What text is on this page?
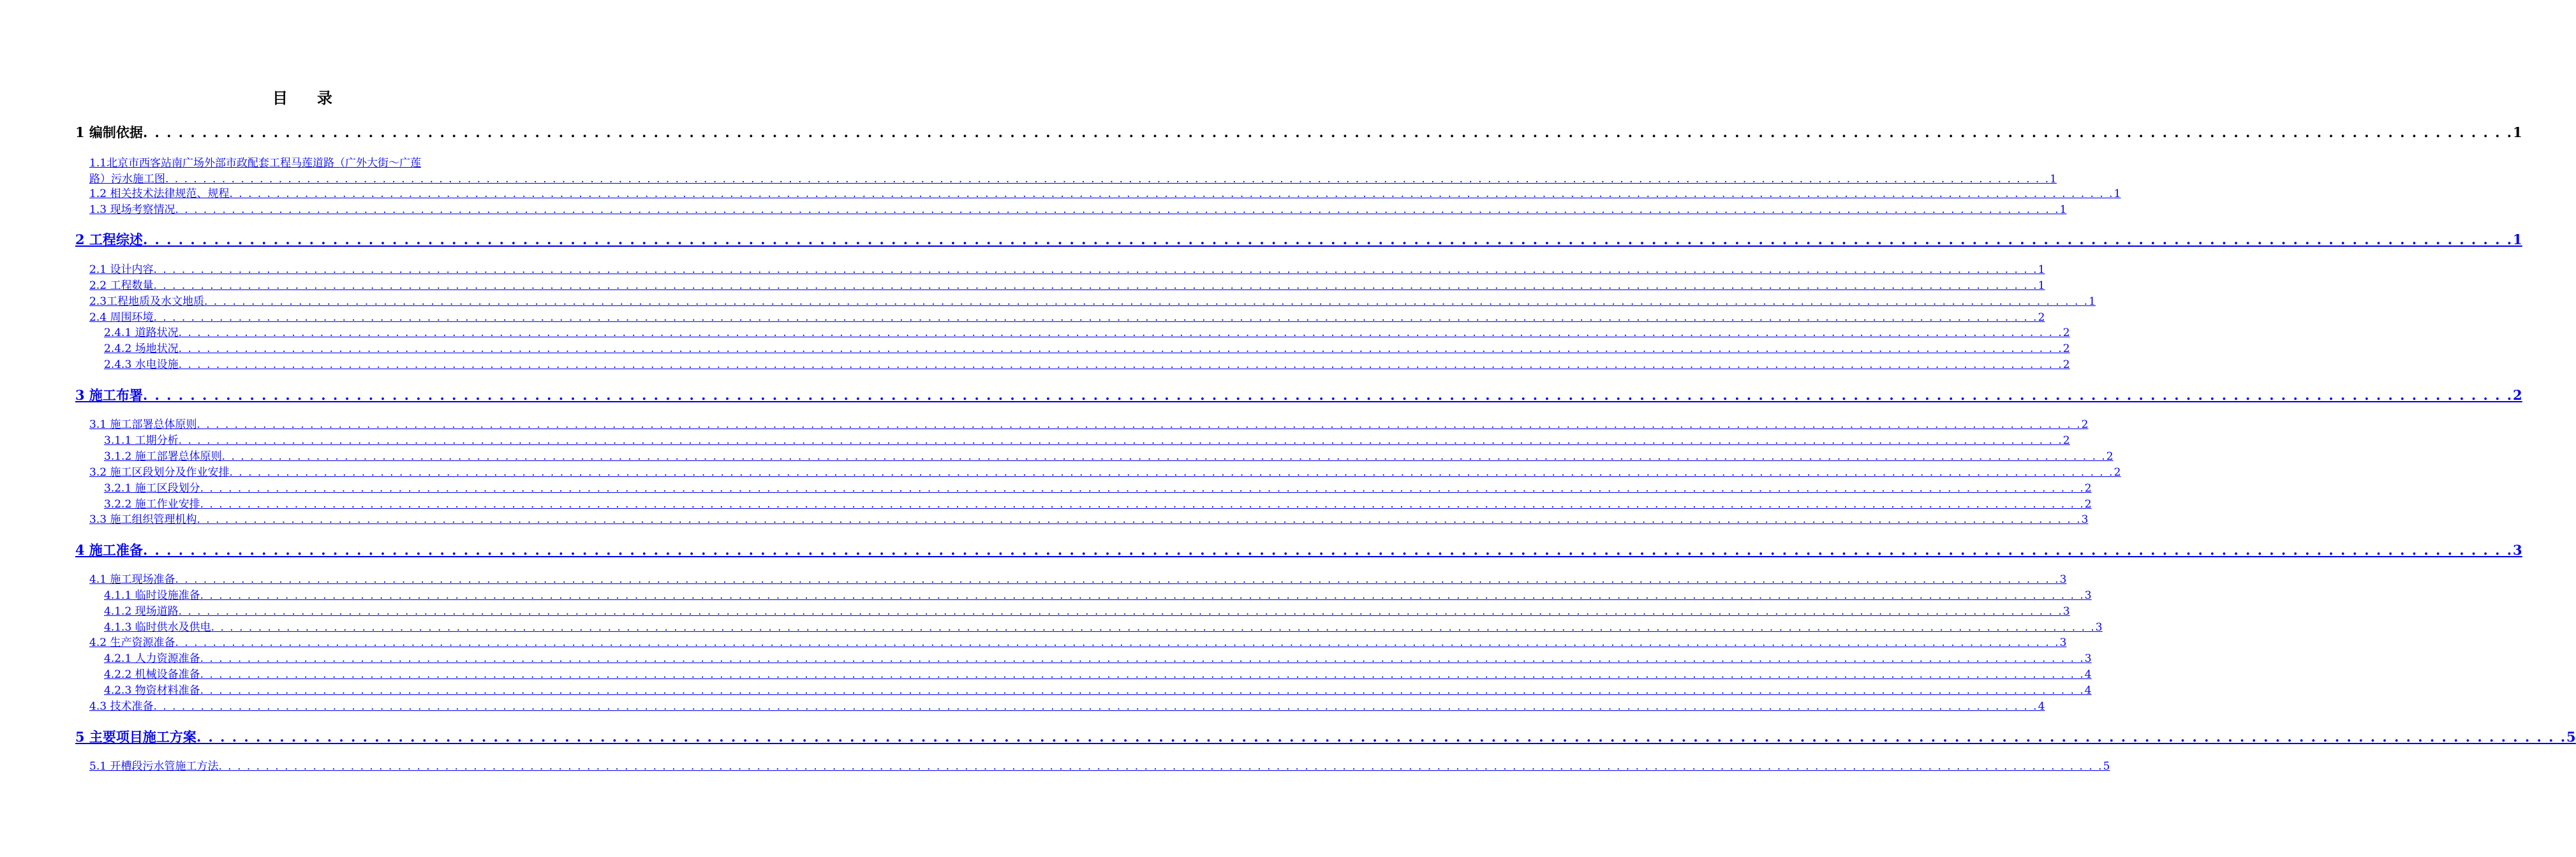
目 录
1 编制依据 . . . . . . . . . . . . . . . . . . . . . . . . . . . . . . . . . . . . . . . . . . . . . . . . . . . . . . . . . . . . . . . . . . . . . . . . . . . . . . . . . . . . . . . . . . . . . . . . . . . . . . . . . . . . . . . . . . . . . . . . . . . . . . . . . . . . . . . . . . . . . . . . . . . . . . . . . . . . . . . . . . . . . . . . . . . . . . . . . . . . . . . . . . . . . . . . . . . . . . . . 1
1.1北京市西客站南广场外部市政配套工程马莲道路（广外大街～广莲
路）污水施工图 . . . . . . . . . . . . . . . . . . . . . . . . . . . . . . . . . . . . . . . . . . . . . . . . . . . . . . . . . . . . . . . . . . . . . . . . . . . . . . . . . . . . . . . . . . . . . . . . . . . . . . . . . . . . . . . . . . . . . . . . . . . . . . . . . . . . . . . . . . . . . . . . . . . . . . . . . . . . . . . . . . . . . . . . . . . . . . . . . . . . . . . . . . . . . . . . . . . . . . . . 1
1.2 相关技术法律规范、规程 . . . . . . . . . . . . . . . . . . . . . . . . . . . . . . . . . . . . . . . . . . . . . . . . . . . . . . . . . . . . . . . . . . . . . . . . . . . . . . . . . . . . . . . . . . . . . . . . . . . . . . . . . . . . . . . . . . . . . . . . . . . . . . . . . . . . . . . . . . . . . . . . . . . . . . . . . . . . . . . . . . . . . . . . . . . . . . . . . . . . . . . . . . . . . . . . . . . . . . . . 1
1.3 现场考察情况 . . . . . . . . . . . . . . . . . . . . . . . . . . . . . . . . . . . . . . . . . . . . . . . . . . . . . . . . . . . . . . . . . . . . . . . . . . . . . . . . . . . . . . . . . . . . . . . . . . . . . . . . . . . . . . . . . . . . . . . . . . . . . . . . . . . . . . . . . . . . . . . . . . . . . . . . . . . . . . . . . . . . . . . . . . . . . . . . . . . . . . . . . . . . . . . . . . . . . . . . 1
2 工程综述 . . . . . . . . . . . . . . . . . . . . . . . . . . . . . . . . . . . . . . . . . . . . . . . . . . . . . . . . . . . . . . . . . . . . . . . . . . . . . . . . . . . . . . . . . . . . . . . . . . . . . . . . . . . . . . . . . . . . . . . . . . . . . . . . . . . . . . . . . . . . . . . . . . . . . . . . . . . . . . . . . . . . . . . . . . . . . . . . . . . . . . . . . . . . . . . . . . . . . . . . 1
2.1 设计内容 . . . . . . . . . . . . . . . . . . . . . . . . . . . . . . . . . . . . . . . . . . . . . . . . . . . . . . . . . . . . . . . . . . . . . . . . . . . . . . . . . . . . . . . . . . . . . . . . . . . . . . . . . . . . . . . . . . . . . . . . . . . . . . . . . . . . . . . . . . . . . . . . . . . . . . . . . . . . . . . . . . . . . . . . . . . . . . . . . . . . . . . . . . . . . . . . . . . . . . . . 1
2.2 工程数量 . . . . . . . . . . . . . . . . . . . . . . . . . . . . . . . . . . . . . . . . . . . . . . . . . . . . . . . . . . . . . . . . . . . . . . . . . . . . . . . . . . . . . . . . . . . . . . . . . . . . . . . . . . . . . . . . . . . . . . . . . . . . . . . . . . . . . . . . . . . . . . . . . . . . . . . . . . . . . . . . . . . . . . . . . . . . . . . . . . . . . . . . . . . . . . . . . . . . . . . . 1
2.3工程地质及水文地质 . . . . . . . . . . . . . . . . . . . . . . . . . . . . . . . . . . . . . . . . . . . . . . . . . . . . . . . . . . . . . . . . . . . . . . . . . . . . . . . . . . . . . . . . . . . . . . . . . . . . . . . . . . . . . . . . . . . . . . . . . . . . . . . . . . . . . . . . . . . . . . . . . . . . . . . . . . . . . . . . . . . . . . . . . . . . . . . . . . . . . . . . . . . . . . . . . . . . . . . . 1
2.4 周围环境 . . . . . . . . . . . . . . . . . . . . . . . . . . . . . . . . . . . . . . . . . . . . . . . . . . . . . . . . . . . . . . . . . . . . . . . . . . . . . . . . . . . . . . . . . . . . . . . . . . . . . . . . . . . . . . . . . . . . . . . . . . . . . . . . . . . . . . . . . . . . . . . . . . . . . . . . . . . . . . . . . . . . . . . . . . . . . . . . . . . . . . . . . . . . . . . . . . . . . . . . 2
2.4.1 道路状况 . . . . . . . . . . . . . . . . . . . . . . . . . . . . . . . . . . . . . . . . . . . . . . . . . . . . . . . . . . . . . . . . . . . . . . . . . . . . . . . . . . . . . . . . . . . . . . . . . . . . . . . . . . . . . . . . . . . . . . . . . . . . . . . . . . . . . . . . . . . . . . . . . . . . . . . . . . . . . . . . . . . . . . . . . . . . . . . . . . . . . . . . . . . . . . . . . . . . . . . . 2
2.4.2 场地状况 . . . . . . . . . . . . . . . . . . . . . . . . . . . . . . . . . . . . . . . . . . . . . . . . . . . . . . . . . . . . . . . . . . . . . . . . . . . . . . . . . . . . . . . . . . . . . . . . . . . . . . . . . . . . . . . . . . . . . . . . . . . . . . . . . . . . . . . . . . . . . . . . . . . . . . . . . . . . . . . . . . . . . . . . . . . . . . . . . . . . . . . . . . . . . . . . . . . . . . . . 2
2.4.3 水电设施 . . . . . . . . . . . . . . . . . . . . . . . . . . . . . . . . . . . . . . . . . . . . . . . . . . . . . . . . . . . . . . . . . . . . . . . . . . . . . . . . . . . . . . . . . . . . . . . . . . . . . . . . . . . . . . . . . . . . . . . . . . . . . . . . . . . . . . . . . . . . . . . . . . . . . . . . . . . . . . . . . . . . . . . . . . . . . . . . . . . . . . . . . . . . . . . . . . . . . . . . 2
3 施工布署 . . . . . . . . . . . . . . . . . . . . . . . . . . . . . . . . . . . . . . . . . . . . . . . . . . . . . . . . . . . . . . . . . . . . . . . . . . . . . . . . . . . . . . . . . . . . . . . . . . . . . . . . . . . . . . . . . . . . . . . . . . . . . . . . . . . . . . . . . . . . . . . . . . . . . . . . . . . . . . . . . . . . . . . . . . . . . . . . . . . . . . . . . . . . . . . . . . . . . . . . 2
3.1 施工部署总体原则 . . . . . . . . . . . . . . . . . . . . . . . . . . . . . . . . . . . . . . . . . . . . . . . . . . . . . . . . . . . . . . . . . . . . . . . . . . . . . . . . . . . . . . . . . . . . . . . . . . . . . . . . . . . . . . . . . . . . . . . . . . . . . . . . . . . . . . . . . . . . . . . . . . . . . . . . . . . . . . . . . . . . . . . . . . . . . . . . . . . . . . . . . . . . . . . . . . . . . . . . 2
3.1.1 工期分析 . . . . . . . . . . . . . . . . . . . . . . . . . . . . . . . . . . . . . . . . . . . . . . . . . . . . . . . . . . . . . . . . . . . . . . . . . . . . . . . . . . . . . . . . . . . . . . . . . . . . . . . . . . . . . . . . . . . . . . . . . . . . . . . . . . . . . . . . . . . . . . . . . . . . . . . . . . . . . . . . . . . . . . . . . . . . . . . . . . . . . . . . . . . . . . . . . . . . . . . . 2
3.1.2 施工部署总体原则 . . . . . . . . . . . . . . . . . . . . . . . . . . . . . . . . . . . . . . . . . . . . . . . . . . . . . . . . . . . . . . . . . . . . . . . . . . . . . . . . . . . . . . . . . . . . . . . . . . . . . . . . . . . . . . . . . . . . . . . . . . . . . . . . . . . . . . . . . . . . . . . . . . . . . . . . . . . . . . . . . . . . . . . . . . . . . . . . . . . . . . . . . . . . . . . . . . . . . . . . 2
3.2 施工区段划分及作业安排 . . . . . . . . . . . . . . . . . . . . . . . . . . . . . . . . . . . . . . . . . . . . . . . . . . . . . . . . . . . . . . . . . . . . . . . . . . . . . . . . . . . . . . . . . . . . . . . . . . . . . . . . . . . . . . . . . . . . . . . . . . . . . . . . . . . . . . . . . . . . . . . . . . . . . . . . . . . . . . . . . . . . . . . . . . . . . . . . . . . . . . . . . . . . . . . . . . . . . . . . 2
3.2.1 施工区段划分 . . . . . . . . . . . . . . . . . . . . . . . . . . . . . . . . . . . . . . . . . . . . . . . . . . . . . . . . . . . . . . . . . . . . . . . . . . . . . . . . . . . . . . . . . . . . . . . . . . . . . . . . . . . . . . . . . . . . . . . . . . . . . . . . . . . . . . . . . . . . . . . . . . . . . . . . . . . . . . . . . . . . . . . . . . . . . . . . . . . . . . . . . . . . . . . . . . . . . . . . 2
3.2.2 施工作业安排 . . . . . . . . . . . . . . . . . . . . . . . . . . . . . . . . . . . . . . . . . . . . . . . . . . . . . . . . . . . . . . . . . . . . . . . . . . . . . . . . . . . . . . . . . . . . . . . . . . . . . . . . . . . . . . . . . . . . . . . . . . . . . . . . . . . . . . . . . . . . . . . . . . . . . . . . . . . . . . . . . . . . . . . . . . . . . . . . . . . . . . . . . . . . . . . . . . . . . . . . 2
3.3 施工组织管理机构 . . . . . . . . . . . . . . . . . . . . . . . . . . . . . . . . . . . . . . . . . . . . . . . . . . . . . . . . . . . . . . . . . . . . . . . . . . . . . . . . . . . . . . . . . . . . . . . . . . . . . . . . . . . . . . . . . . . . . . . . . . . . . . . . . . . . . . . . . . . . . . . . . . . . . . . . . . . . . . . . . . . . . . . . . . . . . . . . . . . . . . . . . . . . . . . . . . . . . . . . 3
4 施工准备 . . . . . . . . . . . . . . . . . . . . . . . . . . . . . . . . . . . . . . . . . . . . . . . . . . . . . . . . . . . . . . . . . . . . . . . . . . . . . . . . . . . . . . . . . . . . . . . . . . . . . . . . . . . . . . . . . . . . . . . . . . . . . . . . . . . . . . . . . . . . . . . . . . . . . . . . . . . . . . . . . . . . . . . . . . . . . . . . . . . . . . . . . . . . . . . . . . . . . . . . 3
4.1 施工现场准备 . . . . . . . . . . . . . . . . . . . . . . . . . . . . . . . . . . . . . . . . . . . . . . . . . . . . . . . . . . . . . . . . . . . . . . . . . . . . . . . . . . . . . . . . . . . . . . . . . . . . . . . . . . . . . . . . . . . . . . . . . . . . . . . . . . . . . . . . . . . . . . . . . . . . . . . . . . . . . . . . . . . . . . . . . . . . . . . . . . . . . . . . . . . . . . . . . . . . . . . . 3
4.1.1 临时设施准备 . . . . . . . . . . . . . . . . . . . . . . . . . . . . . . . . . . . . . . . . . . . . . . . . . . . . . . . . . . . . . . . . . . . . . . . . . . . . . . . . . . . . . . . . . . . . . . . . . . . . . . . . . . . . . . . . . . . . . . . . . . . . . . . . . . . . . . . . . . . . . . . . . . . . . . . . . . . . . . . . . . . . . . . . . . . . . . . . . . . . . . . . . . . . . . . . . . . . . . . . 3
4.1.2 现场道路 . . . . . . . . . . . . . . . . . . . . . . . . . . . . . . . . . . . . . . . . . . . . . . . . . . . . . . . . . . . . . . . . . . . . . . . . . . . . . . . . . . . . . . . . . . . . . . . . . . . . . . . . . . . . . . . . . . . . . . . . . . . . . . . . . . . . . . . . . . . . . . . . . . . . . . . . . . . . . . . . . . . . . . . . . . . . . . . . . . . . . . . . . . . . . . . . . . . . . . . . 3
4.1.3 临时供水及供电 . . . . . . . . . . . . . . . . . . . . . . . . . . . . . . . . . . . . . . . . . . . . . . . . . . . . . . . . . . . . . . . . . . . . . . . . . . . . . . . . . . . . . . . . . . . . . . . . . . . . . . . . . . . . . . . . . . . . . . . . . . . . . . . . . . . . . . . . . . . . . . . . . . . . . . . . . . . . . . . . . . . . . . . . . . . . . . . . . . . . . . . . . . . . . . . . . . . . . . . . 3
4.2 生产资源准备 . . . . . . . . . . . . . . . . . . . . . . . . . . . . . . . . . . . . . . . . . . . . . . . . . . . . . . . . . . . . . . . . . . . . . . . . . . . . . . . . . . . . . . . . . . . . . . . . . . . . . . . . . . . . . . . . . . . . . . . . . . . . . . . . . . . . . . . . . . . . . . . . . . . . . . . . . . . . . . . . . . . . . . . . . . . . . . . . . . . . . . . . . . . . . . . . . . . . . . . . 3
4.2.1 人力资源准备 . . . . . . . . . . . . . . . . . . . . . . . . . . . . . . . . . . . . . . . . . . . . . . . . . . . . . . . . . . . . . . . . . . . . . . . . . . . . . . . . . . . . . . . . . . . . . . . . . . . . . . . . . . . . . . . . . . . . . . . . . . . . . . . . . . . . . . . . . . . . . . . . . . . . . . . . . . . . . . . . . . . . . . . . . . . . . . . . . . . . . . . . . . . . . . . . . . . . . . . . 3
4.2.2 机械设备准备 . . . . . . . . . . . . . . . . . . . . . . . . . . . . . . . . . . . . . . . . . . . . . . . . . . . . . . . . . . . . . . . . . . . . . . . . . . . . . . . . . . . . . . . . . . . . . . . . . . . . . . . . . . . . . . . . . . . . . . . . . . . . . . . . . . . . . . . . . . . . . . . . . . . . . . . . . . . . . . . . . . . . . . . . . . . . . . . . . . . . . . . . . . . . . . . . . . . . . . . . 4
4.2.3 物资材料准备 . . . . . . . . . . . . . . . . . . . . . . . . . . . . . . . . . . . . . . . . . . . . . . . . . . . . . . . . . . . . . . . . . . . . . . . . . . . . . . . . . . . . . . . . . . . . . . . . . . . . . . . . . . . . . . . . . . . . . . . . . . . . . . . . . . . . . . . . . . . . . . . . . . . . . . . . . . . . . . . . . . . . . . . . . . . . . . . . . . . . . . . . . . . . . . . . . . . . . . . . 4
4.3 技术准备 . . . . . . . . . . . . . . . . . . . . . . . . . . . . . . . . . . . . . . . . . . . . . . . . . . . . . . . . . . . . . . . . . . . . . . . . . . . . . . . . . . . . . . . . . . . . . . . . . . . . . . . . . . . . . . . . . . . . . . . . . . . . . . . . . . . . . . . . . . . . . . . . . . . . . . . . . . . . . . . . . . . . . . . . . . . . . . . . . . . . . . . . . . . . . . . . . . . . . . . . 4
5 主要项目施工方案 . . . . . . . . . . . . . . . . . . . . . . . . . . . . . . . . . . . . . . . . . . . . . . . . . . . . . . . . . . . . . . . . . . . . . . . . . . . . . . . . . . . . . . . . . . . . . . . . . . . . . . . . . . . . . . . . . . . . . . . . . . . . . . . . . . . . . . . . . . . . . . . . . . . . . . . . . . . . . . . . . . . . . . . . . . . . . . . . . . . . . . . . . . . . . . . . . . . . . . . . 5
5.1 开槽段污水管施工方法 . . . . . . . . . . . . . . . . . . . . . . . . . . . . . . . . . . . . . . . . . . . . . . . . . . . . . . . . . . . . . . . . . . . . . . . . . . . . . . . . . . . . . . . . . . . . . . . . . . . . . . . . . . . . . . . . . . . . . . . . . . . . . . . . . . . . . . . . . . . . . . . . . . . . . . . . . . . . . . . . . . . . . . . . . . . . . . . . . . . . . . . . . . . . . . . . . . . . . . . . 5
